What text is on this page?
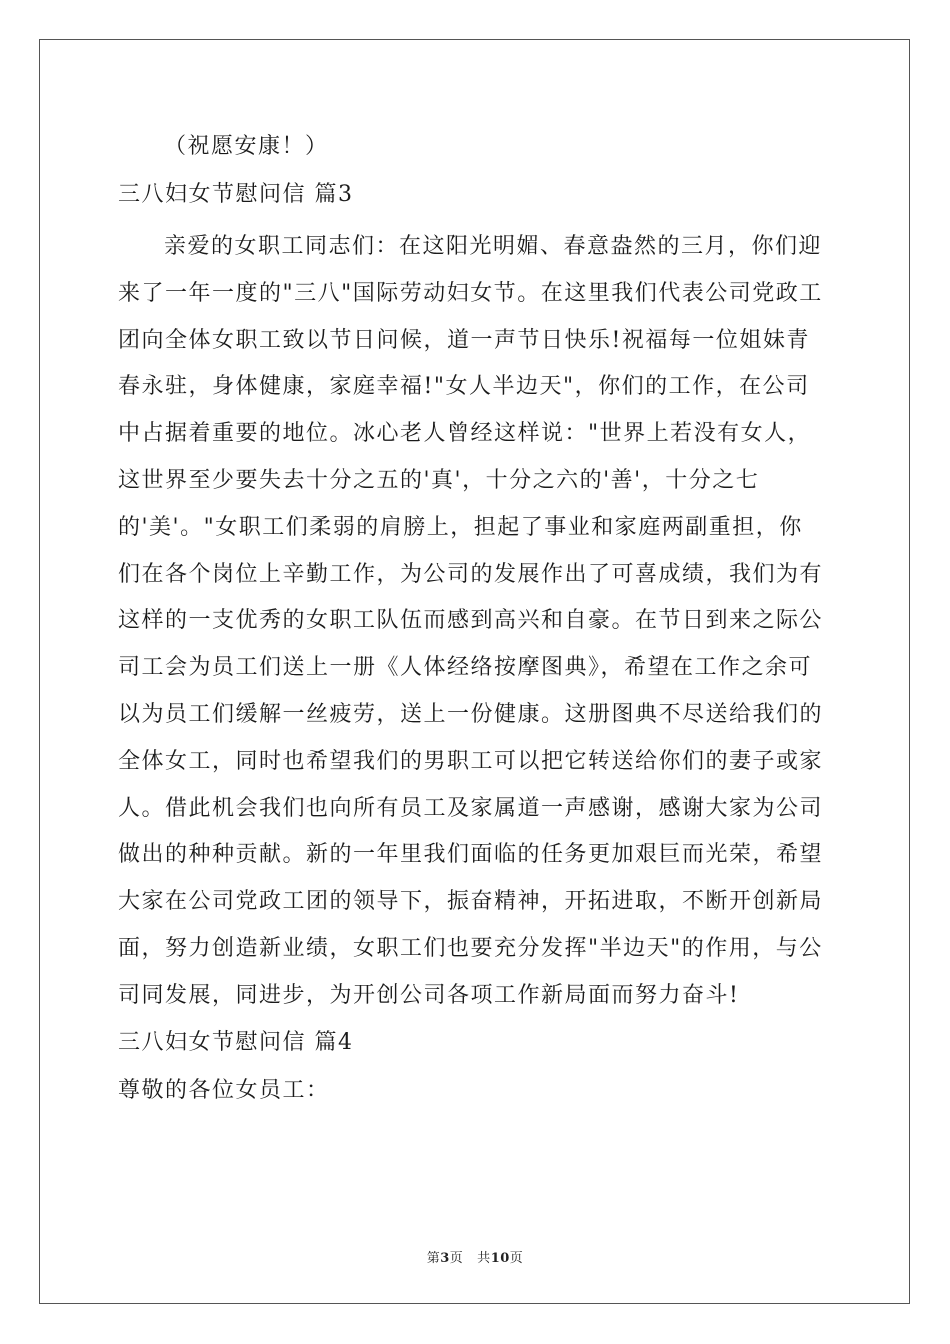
（祝愿安康！）

三八妇女节慰问信 篇3

亲爱的女职工同志们：在这阳光明媚、春意盎然的三月，你们迎
来了一年一度的"三八"国际劳动妇女节。在这里我们代表公司党政工
团向全体女职工致以节日问候，道一声节日快乐!祝福每一位姐妹青
春永驻，身体健康，家庭幸福!"女人半边天"，你们的工作，在公司
中占据着重要的地位。冰心老人曾经这样说："世界上若没有女人，
这世界至少要失去十分之五的'真'，十分之六的'善'，十分之七
的'美'。"女职工们柔弱的肩膀上，担起了事业和家庭两副重担，你
们在各个岗位上辛勤工作，为公司的发展作出了可喜成绩，我们为有
这样的一支优秀的女职工队伍而感到高兴和自豪。在节日到来之际公
司工会为员工们送上一册《人体经络按摩图典》，希望在工作之余可
以为员工们缓解一丝疲劳，送上一份健康。这册图典不尽送给我们的
全体女工，同时也希望我们的男职工可以把它转送给你们的妻子或家
人。借此机会我们也向所有员工及家属道一声感谢，感谢大家为公司
做出的种种贡献。新的一年里我们面临的任务更加艰巨而光荣，希望
大家在公司党政工团的领导下，振奋精神，开拓进取，不断开创新局
面，努力创造新业绩，女职工们也要充分发挥"半边天"的作用，与公
司同发展，同进步，为开创公司各项工作新局面而努力奋斗!

三八妇女节慰问信 篇4

尊敬的各位女员工：

第3页 共10页
